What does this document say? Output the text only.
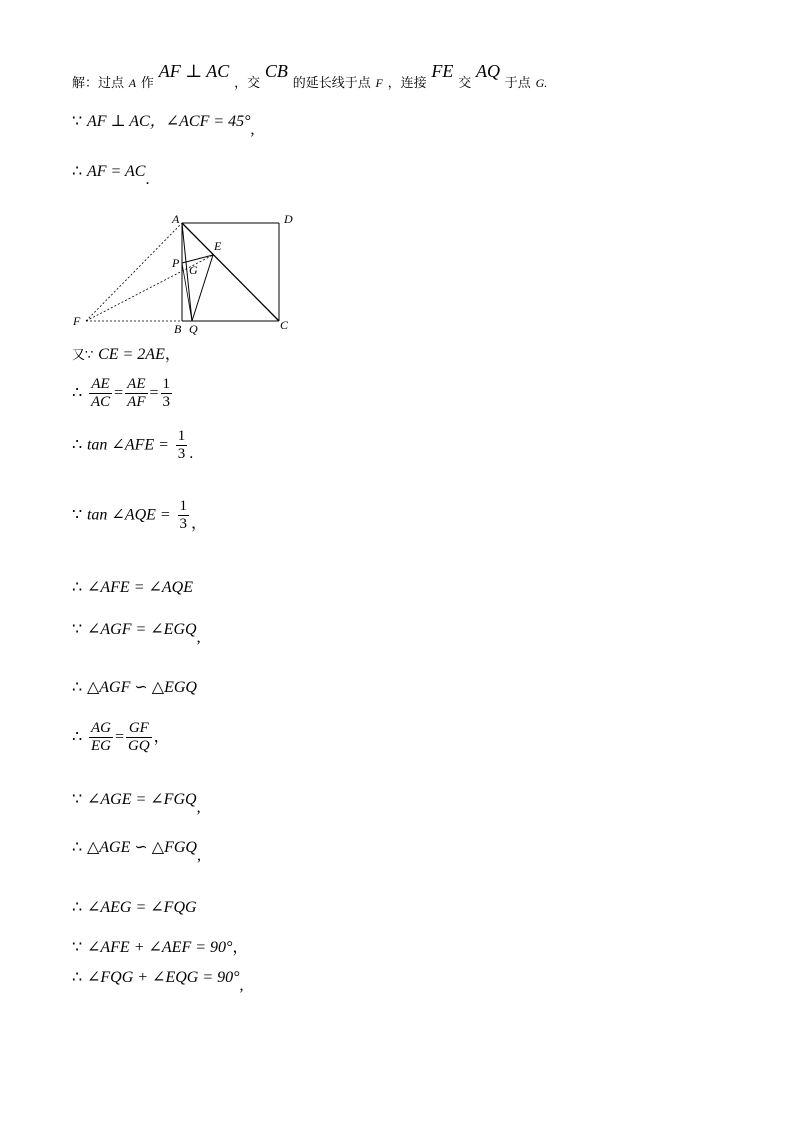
解：过点 A 作 AF ⊥ AC ，交 CB 的延长线于点 F ，连接 FE 交 AQ 于点 G.
∵ AF ⊥ AC，∠ACF = 45°,
∴ AF = AC.
A	D
E
P G
F
B Q	C
又∵ CE = 2AE，
∴ $\frac{AE}{AC} = \frac{AE}{AF} = \frac{1}{3}$
∴ tan ∠AFE = $\frac{1}{3}$ .
∵ tan ∠AQE = $\frac{1}{3}$ ，
∴ ∠AFE = ∠AQE
∵ ∠AGF = ∠EGQ,
∴ △AGF ∽ △EGQ
∴ $\frac{AG}{EG} = \frac{GF}{GQ}$ ，
∵ ∠AGE = ∠FGQ,
∴ △AGE ∽ △FGQ,
∴ ∠AEG = ∠FQG
∵ ∠AFE + ∠AEF = 90°，
∴ ∠FQG + ∠EQG = 90°,
